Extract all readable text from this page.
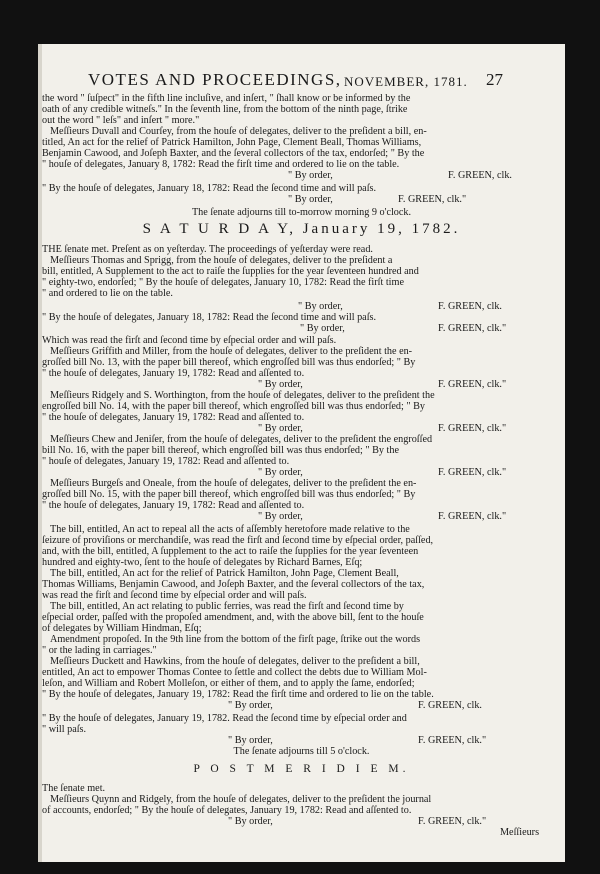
VOTES AND PROCEEDINGS, NOVEMBER, 1781. 27
the word " ſuſpect" in the fifth line incluſive, and inſert, " ſhall know or be informed by the
oath of any credible witneſs." In the ſeventh line, from the bottom of the ninth page, ſtrike
out the word " leſs" and inſert " more."
Meſſieurs Duvall and Courſey, from the houſe of delegates, deliver to the preſident a bill, en-
titled, An act for the relief of Patrick Hamilton, John Page, Clement Beall, Thomas Williams,
Benjamin Cawood, and Joſeph Baxter, and the ſeveral collectors of the tax, endorſed; " By the
" houſe of delegates, January 8, 1782: Read the firſt time and ordered to lie on the table.
" By order,	F. GREEN, clk.
" By the houſe of delegates, January 18, 1782: Read the ſecond time and will paſs.
" By order,	F. GREEN, clk."
The ſenate adjourns till to-morrow morning 9 o'clock.
S A T U R D A Y, January 19, 1782.
THE ſenate met. Preſent as on yeſterday. The proceedings of yeſterday were read.
Meſſieurs Thomas and Sprigg, from the houſe of delegates, deliver to the preſident a
bill, entitled, A Supplement to the act to raiſe the ſupplies for the year ſeventeen hundred and
" eighty-two, endorſed; " By the houſe of delegates, January 10, 1782: Read the firſt time
" and ordered to lie on the table.
" By order,	F. GREEN, clk.
" By the houſe of delegates, January 18, 1782: Read the ſecond time and will paſs.
" By order,	F. GREEN, clk."
Which was read the firſt and ſecond time by eſpecial order and will paſs.
Meſſieurs Griffith and Miller, from the houſe of delegates, deliver to the preſident the en-
groſſed bill No. 13, with the paper bill thereof, which engroſſed bill was thus endorſed; " By
" the houſe of delegates, January 19, 1782: Read and aſſented to.
" By order,	F. GREEN, clk."
Meſſieurs Ridgely and S. Worthington, from the houſe of delegates, deliver to the preſident the
engroſſed bill No. 14, with the paper bill thereof, which engroſſed bill was thus endorſed; " By
" the houſe of delegates, January 19, 1782: Read and aſſented to.
" By order,	F. GREEN, clk."
Meſſieurs Chew and Jeniſer, from the houſe of delegates, deliver to the preſident the engroſſed
bill No. 16, with the paper bill thereof, which engroſſed bill was thus endorſed; " By the
" houſe of delegates, January 19, 1782: Read and aſſented to.
" By order,	F. GREEN, clk."
Meſſieurs Burgeſs and Oneale, from the houſe of delegates, deliver to the preſident the en-
groſſed bill No. 15, with the paper bill thereof, which engroſſed bill was thus endorſed; " By
" the houſe of delegates, January 19, 1782: Read and aſſented to.
" By order,	F. GREEN, clk."
The bill, entitled, An act to repeal all the acts of aſſembly heretofore made relative to the
ſeizure of proviſions or merchandiſe, was read the firſt and ſecond time by eſpecial order, paſſed,
and, with the bill, entitled, A ſupplement to the act to raiſe the ſupplies for the year ſeventeen
hundred and eighty-two, ſent to the houſe of delegates by Richard Barnes, Eſq;
The bill, entitled, An act for the relief of Patrick Hamilton, John Page, Clement Beall,
Thomas Williams, Benjamin Cawood, and Joſeph Baxter, and the ſeveral collectors of the tax,
was read the firſt and ſecond time by eſpecial order and will paſs.
The bill, entitled, An act relating to public ferries, was read the firſt and ſecond time by
eſpecial order, paſſed with the propoſed amendment, and, with the above bill, ſent to the houſe
of delegates by William Hindman, Eſq;
Amendment propoſed. In the 9th line from the bottom of the firſt page, ſtrike out the words
" or the lading in carriages."
Meſſieurs Duckett and Hawkins, from the houſe of delegates, deliver to the preſident a bill,
entitled, An act to empower Thomas Contee to ſettle and collect the debts due to William Mol-
leſon, and William and Robert Molleſon, or either of them, and to apply the ſame, endorſed;
" By the houſe of delegates, January 19, 1782: Read the firſt time and ordered to lie on the table.
" By order,	F. GREEN, clk.
" By the houſe of delegates, January 19, 1782. Read the ſecond time by eſpecial order and
" will paſs.
" By order,	F. GREEN, clk."
The ſenate adjourns till 5 o'clock.
P O S T M E R I D I E M.
The ſenate met.
Meſſieurs Quynn and Ridgely, from the houſe of delegates, deliver to the preſident the journal
of accounts, endorſed; " By the houſe of delegates, January 19, 1782: Read and aſſented to.
" By order,	F. GREEN, clk."
Meſſieurs
